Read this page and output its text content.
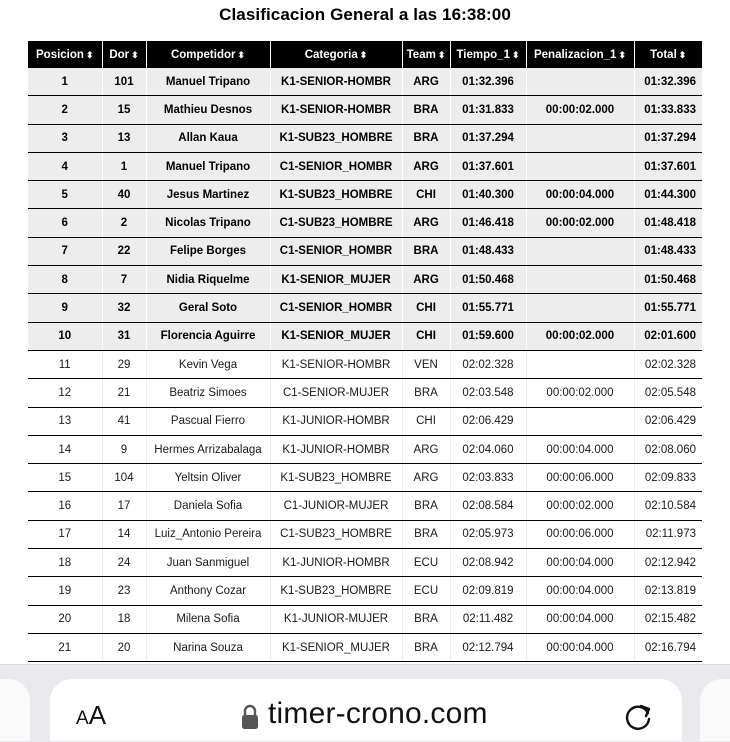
Clasificacion General a las 16:38:00
Posicion ⬍	Dor ⬍	Competidor ⬍	Categoria ⬍	Team ⬍	Tiempo_1 ⬍	Penalizacion_1 ⬍	Total ⬍
1	101	Manuel Tripano	K1-SENIOR-HOMBR	ARG	01:32.396		01:32.396
2	15	Mathieu Desnos	K1-SENIOR-HOMBR	BRA	01:31.833	00:00:02.000	01:33.833
3	13	Allan Kaua	K1-SUB23_HOMBRE	BRA	01:37.294		01:37.294
4	1	Manuel Tripano	C1-SENIOR_HOMBR	ARG	01:37.601		01:37.601
5	40	Jesus Martinez	K1-SUB23_HOMBRE	CHI	01:40.300	00:00:04.000	01:44.300
6	2	Nicolas Tripano	C1-SUB23_HOMBRE	ARG	01:46.418	00:00:02.000	01:48.418
7	22	Felipe Borges	C1-SENIOR_HOMBR	BRA	01:48.433		01:48.433
8	7	Nidia Riquelme	K1-SENIOR_MUJER	ARG	01:50.468		01:50.468
9	32	Geral Soto	C1-SENIOR_HOMBR	CHI	01:55.771		01:55.771
10	31	Florencia Aguirre	K1-SENIOR_MUJER	CHI	01:59.600	00:00:02.000	02:01.600
11	29	Kevin Vega	K1-SENIOR-HOMBR	VEN	02:02.328		02:02.328
12	21	Beatriz Simoes	C1-SENIOR-MUJER	BRA	02:03.548	00:00:02.000	02:05.548
13	41	Pascual Fierro	K1-JUNIOR-HOMBR	CHI	02:06.429		02:06.429
14	9	Hermes Arrizabalaga	K1-JUNIOR-HOMBR	ARG	02:04.060	00:00:04.000	02:08.060
15	104	Yeltsin Oliver	K1-SUB23_HOMBRE	ARG	02:03.833	00:00:06.000	02:09.833
16	17	Daniela Sofia	C1-JUNIOR-MUJER	BRA	02:08.584	00:00:02.000	02:10.584
17	14	Luiz_Antonio Pereira	C1-SUB23_HOMBRE	BRA	02:05.973	00:00:06.000	02:11.973
18	24	Juan Sanmiguel	K1-JUNIOR-HOMBR	ECU	02:08.942	00:00:04.000	02:12.942
19	23	Anthony Cozar	K1-SUB23_HOMBRE	ECU	02:09.819	00:00:04.000	02:13.819
20	18	Milena Sofia	K1-JUNIOR-MUJER	BRA	02:11.482	00:00:04.000	02:15.482
21	20	Narina Souza	K1-SENIOR_MUJER	BRA	02:12.794	00:00:04.000	02:16.794
AA	timer-crono.com
